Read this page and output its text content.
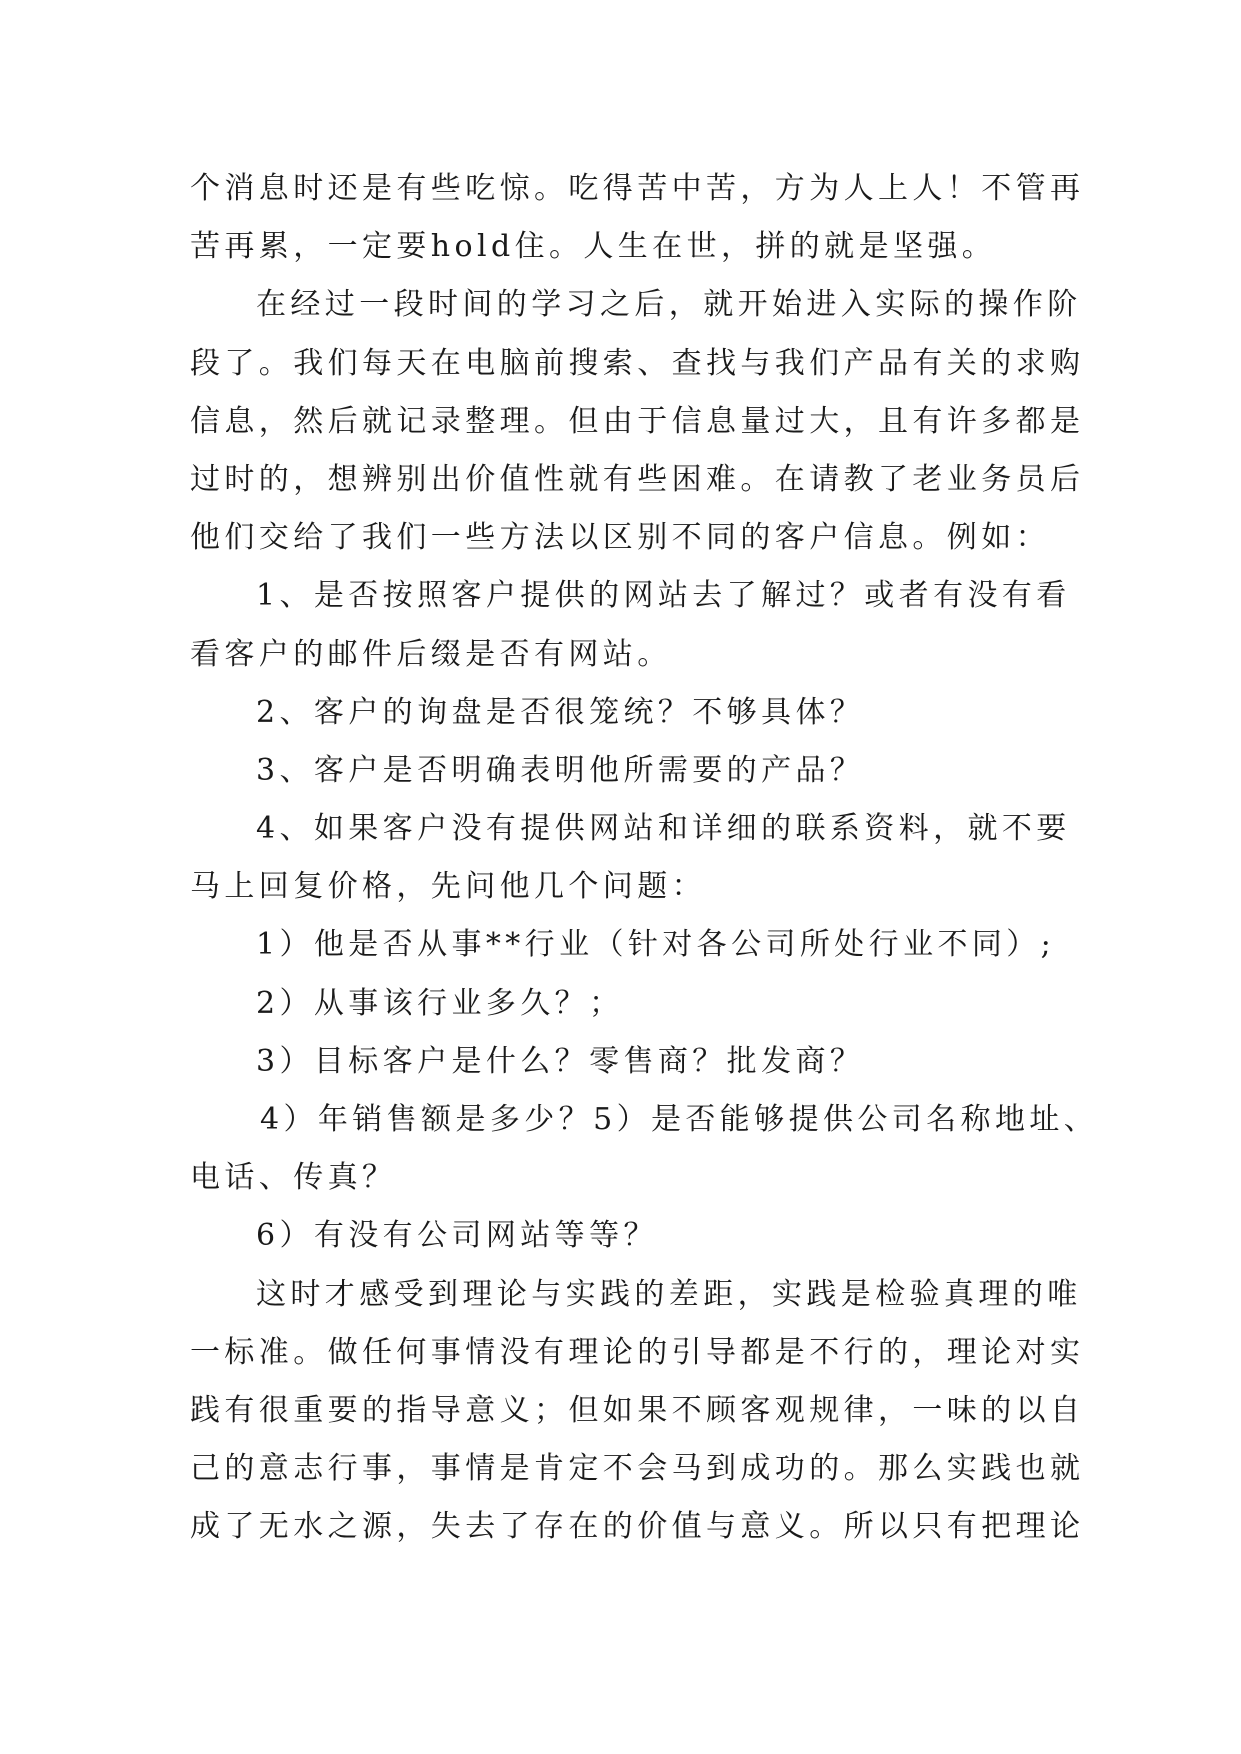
个消息时还是有些吃惊。吃得苦中苦，方为人上人！不管再
苦再累，一定要hold住。人生在世，拼的就是坚强。
在经过一段时间的学习之后，就开始进入实际的操作阶
段了。我们每天在电脑前搜索、查找与我们产品有关的求购
信息，然后就记录整理。但由于信息量过大，且有许多都是
过时的，想辨别出价值性就有些困难。在请教了老业务员后
他们交给了我们一些方法以区别不同的客户信息。例如：
1、是否按照客户提供的网站去了解过？或者有没有看
看客户的邮件后缀是否有网站。
2、客户的询盘是否很笼统？不够具体？
3、客户是否明确表明他所需要的产品？
4、如果客户没有提供网站和详细的联系资料，就不要
马上回复价格，先问他几个问题：
1）他是否从事**行业（针对各公司所处行业不同）;
2）从事该行业多久？；
3）目标客户是什么？零售商？批发商？
4）年销售额是多少？5）是否能够提供公司名称地址、
电话、传真？
6）有没有公司网站等等？
这时才感受到理论与实践的差距，实践是检验真理的唯
一标准。做任何事情没有理论的引导都是不行的，理论对实
践有很重要的指导意义；但如果不顾客观规律，一味的以自
己的意志行事，事情是肯定不会马到成功的。那么实践也就
成了无水之源，失去了存在的价值与意义。所以只有把理论
